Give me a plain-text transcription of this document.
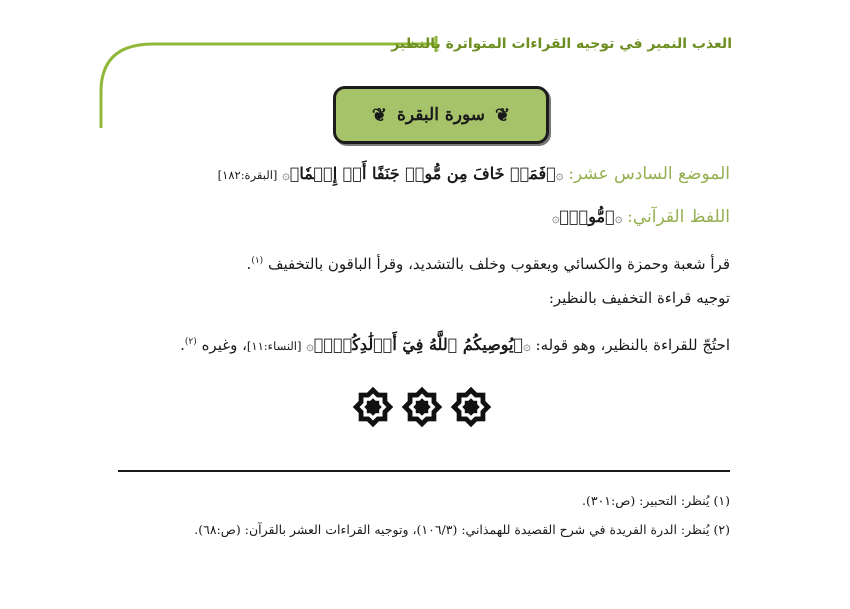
العذب النمير في توجيه القراءات المتواترة بالنظير
❦
سورة البقرة
❦
الموضع السادس عشر: ۞﴿فَمَنۡ خَافَ مِن مُّوصٖ جَنَفًا أَوۡ إِثۡمٗا﴾۞ [البقرة:١٨٢]
اللفظ القرآني: ۞﴿مُّوصٖ﴾۞
قرأ شعبة وحمزة والكسائي ويعقوب وخلف بالتشديد، وقرأ الباقون بالتخفيف $^{(١)}$.
توجيه قراءة التخفيف بالنظير:
احتُجّ للقراءة بالنظير، وهو قوله: ۞﴿يُوصِيكُمُ ٱللَّهُ فِيٓ أَوۡلَٰدِكُمۡۖ﴾۞ [النساء:١١]، وغيره $^{(٢)}$.
(١) يُنظر: التحبير: (ص:٣٠١).
(٢) يُنظر: الدرة الفريدة في شرح القصيدة للهمذاني: (١٠٦/٣)، وتوجيه القراءات العشر بالقرآن: (ص:٦٨).
